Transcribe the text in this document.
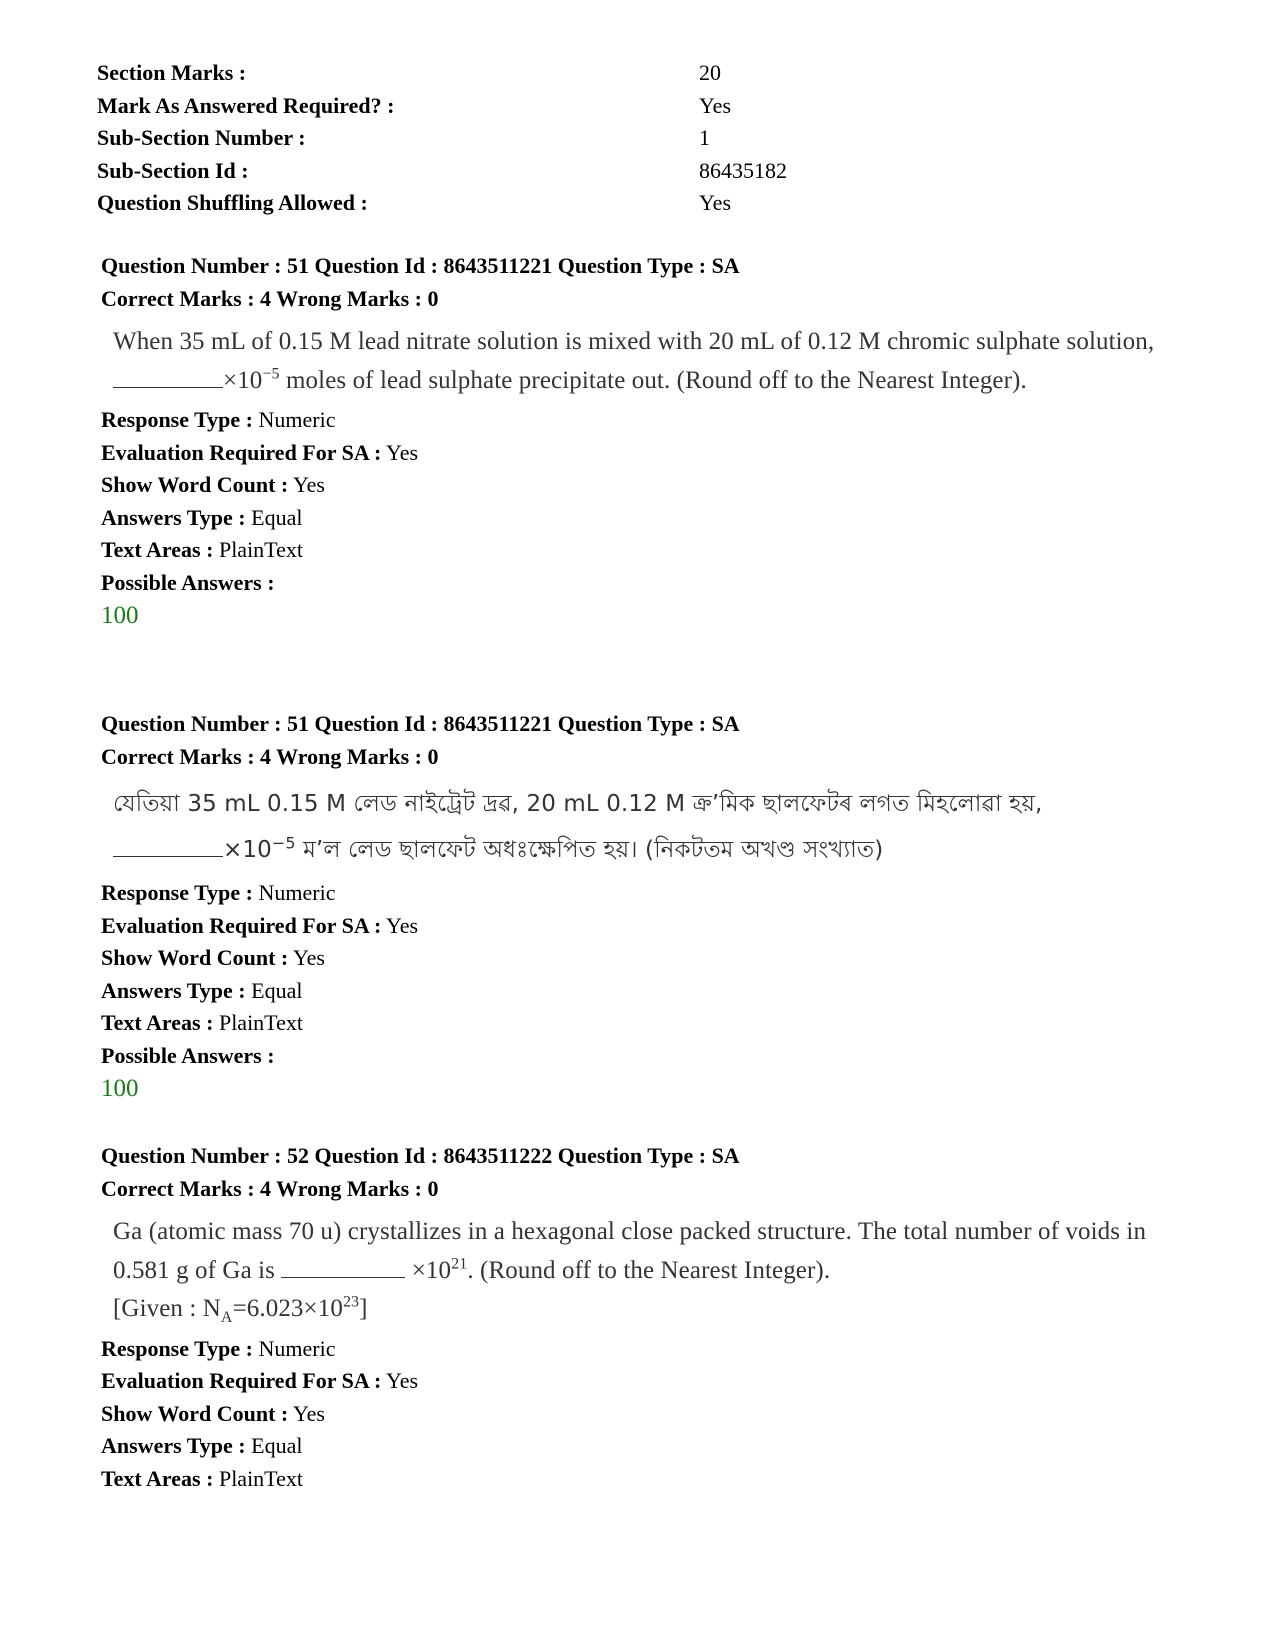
Section Marks :	20
Mark As Answered Required? :	Yes
Sub-Section Number :	1
Sub-Section Id :	86435182
Question Shuffling Allowed :	Yes
Question Number : 51 Question Id : 8643511221 Question Type : SA
Correct Marks : 4 Wrong Marks : 0
When 35 mL of 0.15 M lead nitrate solution is mixed with 20 mL of 0.12 M chromic sulphate solution, $\times 10^{-5}$ moles of lead sulphate precipitate out. (Round off to the Nearest Integer).
Response Type : Numeric
Evaluation Required For SA : Yes
Show Word Count : Yes
Answers Type : Equal
Text Areas : PlainText
Possible Answers :
100
Question Number : 51 Question Id : 8643511221 Question Type : SA
Correct Marks : 4 Wrong Marks : 0
যেতিয়া 35 mL 0.15 M লেড নাইট্ৰেট দ্ৰৱ, 20 mL 0.12 M ক্ৰ’মিক ছালফেটৰ লগত মিহলোৱা হয়,
$\times 10^{-5}$ ম’ল লেড ছালফেট অধঃক্ষেপিত হয়। (নিকটতম অখণ্ড সংখ্যাত)
Response Type : Numeric
Evaluation Required For SA : Yes
Show Word Count : Yes
Answers Type : Equal
Text Areas : PlainText
Possible Answers :
100
Question Number : 52 Question Id : 8643511222 Question Type : SA
Correct Marks : 4 Wrong Marks : 0
Ga (atomic mass 70 u) crystallizes in a hexagonal close packed structure. The total number of voids in 0.581 g of Ga is	$\times 10^{21}$. (Round off to the Nearest Integer).
[Given : $N_A=6.023\times 10^{23}$]
Response Type : Numeric
Evaluation Required For SA : Yes
Show Word Count : Yes
Answers Type : Equal
Text Areas : PlainText
